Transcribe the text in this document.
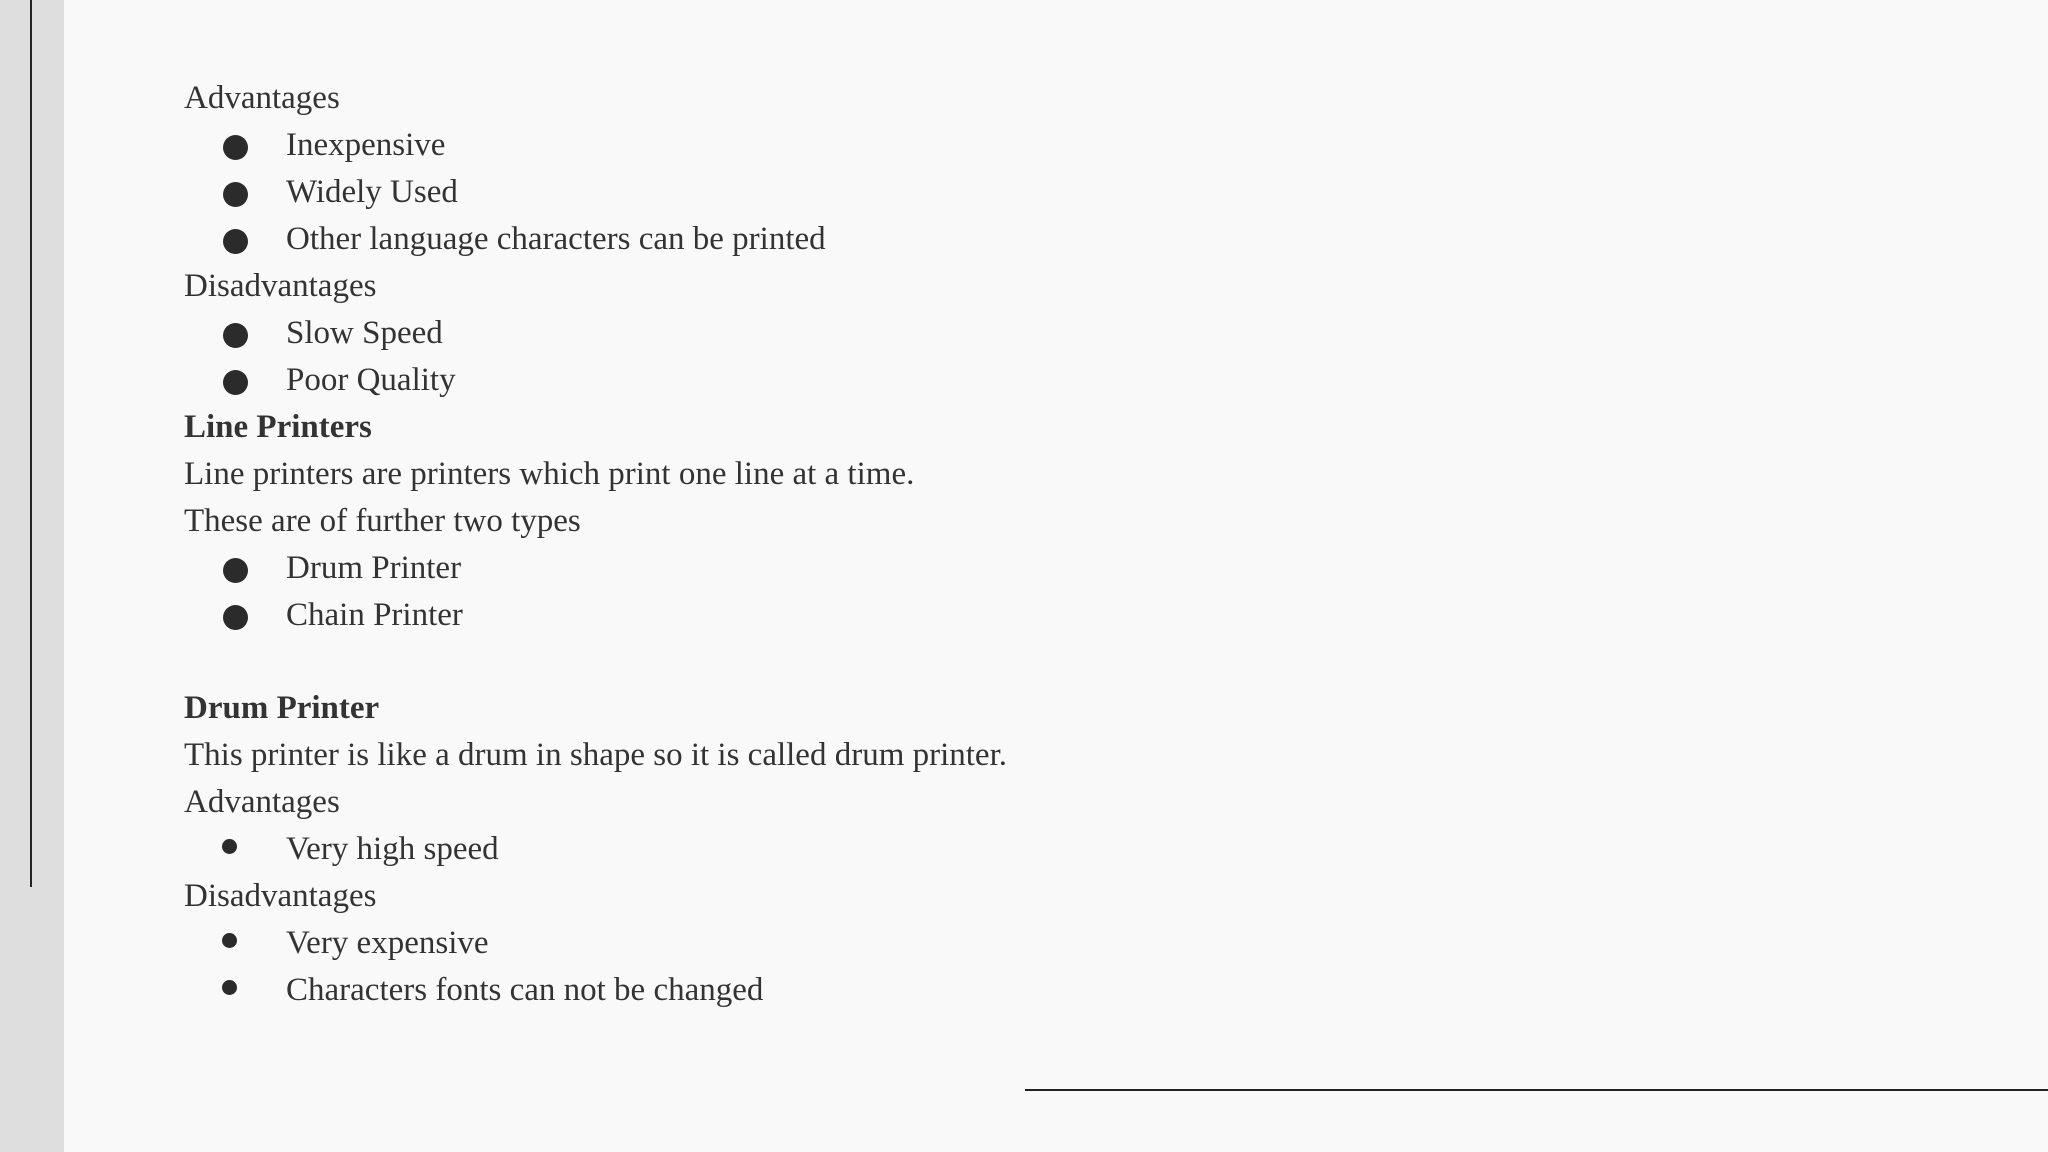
Advantages
Inexpensive
Widely Used
Other language characters can be printed
Disadvantages
Slow Speed
Poor Quality
Line Printers
Line printers are printers which print one line at a time.
These are of further two types
Drum Printer
Chain Printer
Drum Printer
This printer is like a drum in shape so it is called drum printer.
Advantages
Very high speed
Disadvantages
Very expensive
Characters fonts can not be changed
